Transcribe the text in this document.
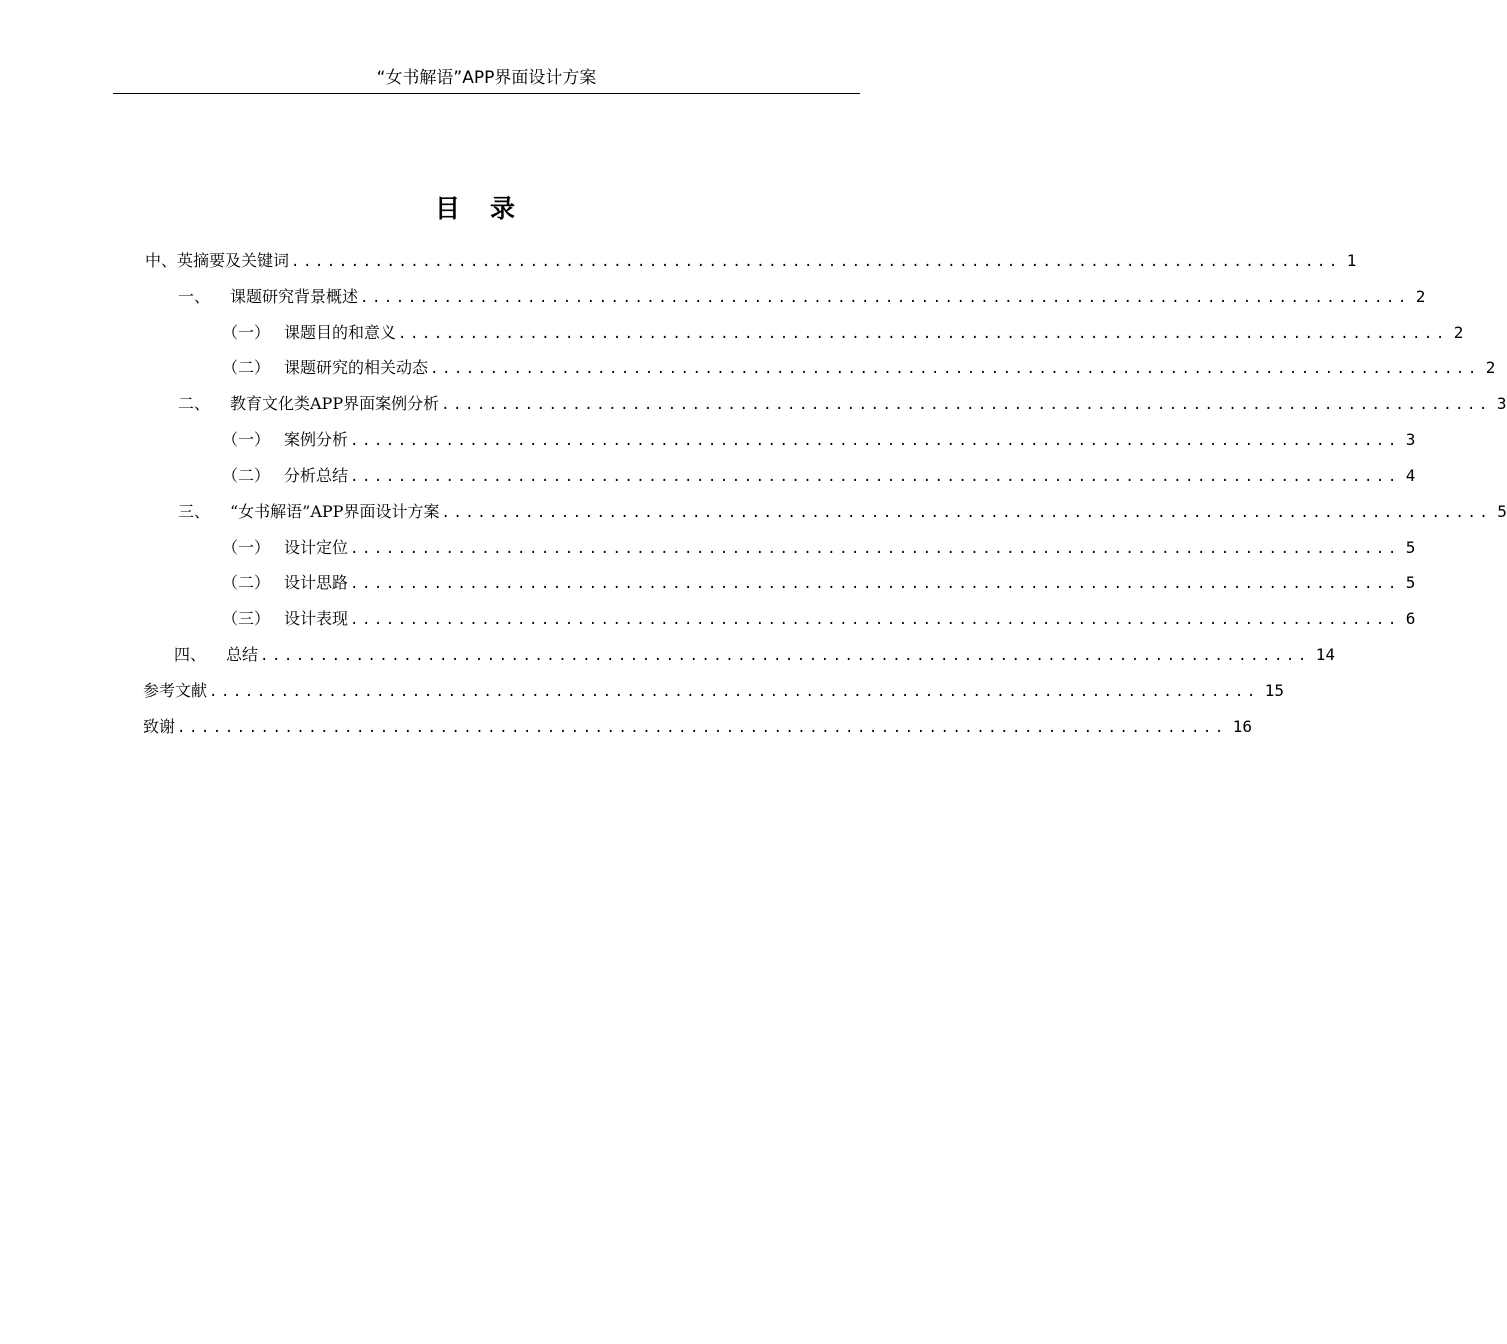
“女书解语”APP界面设计方案
目录
中、英摘要及关键词 ........................................................................................ 1
一、	课题研究背景概述 ........................................................................................ 2
（一） 课题目的和意义 ........................................................................................ 2
（二） 课题研究的相关动态 ........................................................................................ 2
二、	教育文化类APP界面案例分析 ........................................................................................ 3
（一） 案例分析 ........................................................................................ 3
（二） 分析总结 ........................................................................................ 4
三、	“女书解语”APP界面设计方案 ........................................................................................ 5
（一） 设计定位 ........................................................................................ 5
（二） 设计思路 ........................................................................................ 5
（三） 设计表现 ........................................................................................ 6
四、	总结 ........................................................................................ 14
参考文献 ........................................................................................ 15
致谢 ........................................................................................ 16
